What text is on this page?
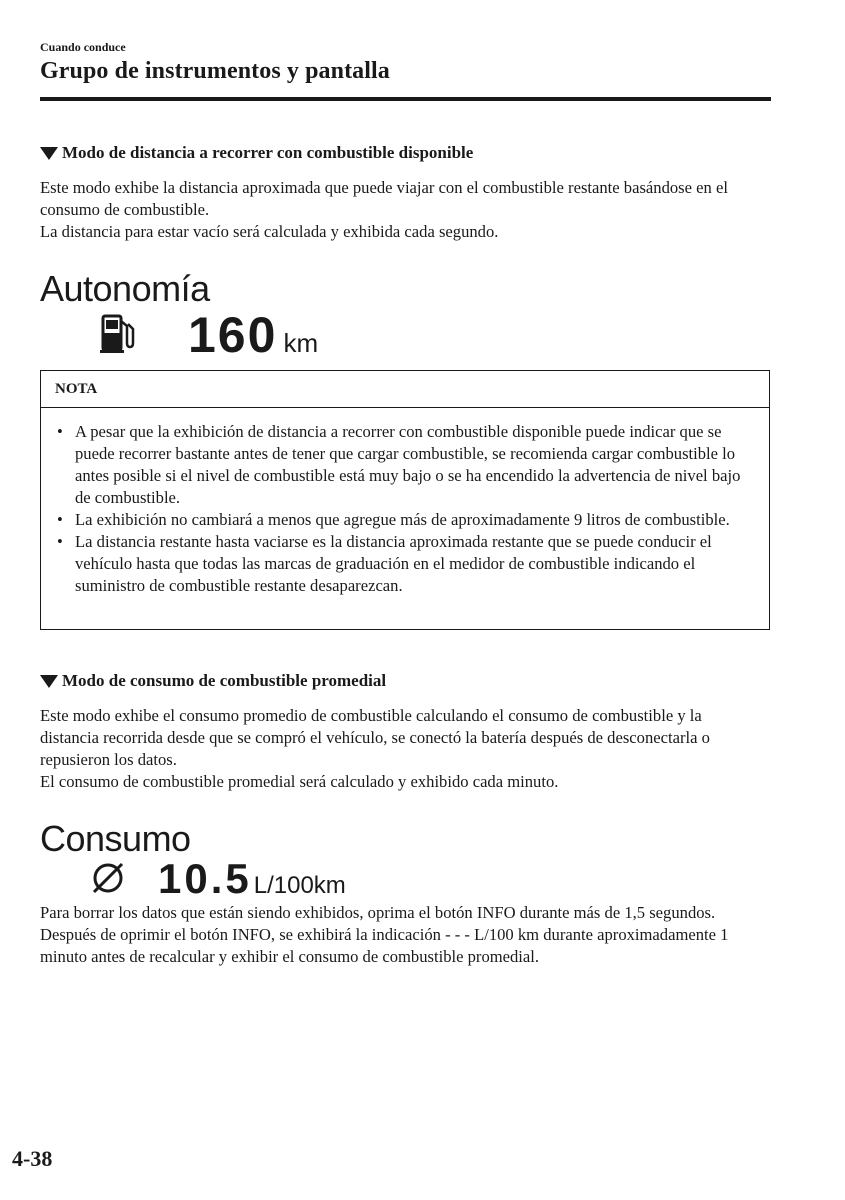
Cuando conduce
Grupo de instrumentos y pantalla
Modo de distancia a recorrer con combustible disponible

Este modo exhibe la distancia aproximada que puede viajar con el combustible restante basándose en el consumo de combustible.

La distancia para estar vacío será calculada y exhibida cada segundo.

Autonomía
160 km
NOTA
• A pesar que la exhibición de distancia a recorrer con combustible disponible puede indicar que se puede recorrer bastante antes de tener que cargar combustible, se recomienda cargar combustible lo antes posible si el nivel de combustible está muy bajo o se ha encendido la advertencia de nivel bajo de combustible.
• La exhibición no cambiará a menos que agregue más de aproximadamente 9 litros de combustible.
• La distancia restante hasta vaciarse es la distancia aproximada restante que se puede conducir el vehículo hasta que todas las marcas de graduación en el medidor de combustible indicando el suministro de combustible restante desaparezcan.
Modo de consumo de combustible promedial

Este modo exhibe el consumo promedio de combustible calculando el consumo de combustible y la distancia recorrida desde que se compró el vehículo, se conectó la batería después de desconectarla o repusieron los datos.

El consumo de combustible promedial será calculado y exhibido cada minuto.

Consumo
10.5 L/100km

Para borrar los datos que están siendo exhibidos, oprima el botón INFO durante más de 1,5 segundos. Después de oprimir el botón INFO, se exhibirá la indicación - - - L/100 km durante aproximadamente 1 minuto antes de recalcular y exhibir el consumo de combustible promedial.

4-38
